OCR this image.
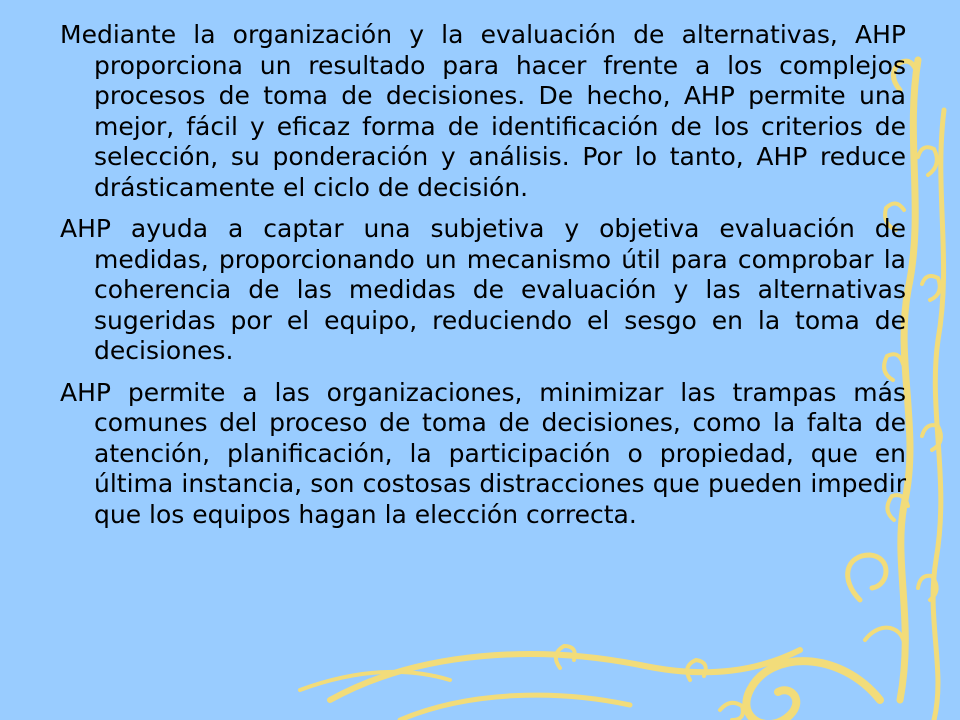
Mediante la organización y la evaluación de alternativas, AHP proporciona un resultado para hacer frente a los complejos procesos de toma de decisiones. De hecho, AHP permite una mejor, fácil y eficaz forma de identificación de los criterios de selección, su ponderación y análisis. Por lo tanto, AHP reduce drásticamente el ciclo de decisión.

AHP ayuda a captar una subjetiva y objetiva evaluación de medidas, proporcionando un mecanismo útil para comprobar la coherencia de las medidas de evaluación y las alternativas sugeridas por el equipo, reduciendo el sesgo en la toma de decisiones.

AHP permite a las organizaciones, minimizar las trampas más comunes del proceso de toma de decisiones, como la falta de atención, planificación, la participación o propiedad, que en última instancia, son costosas distracciones que pueden impedir que los equipos hagan la elección correcta.
